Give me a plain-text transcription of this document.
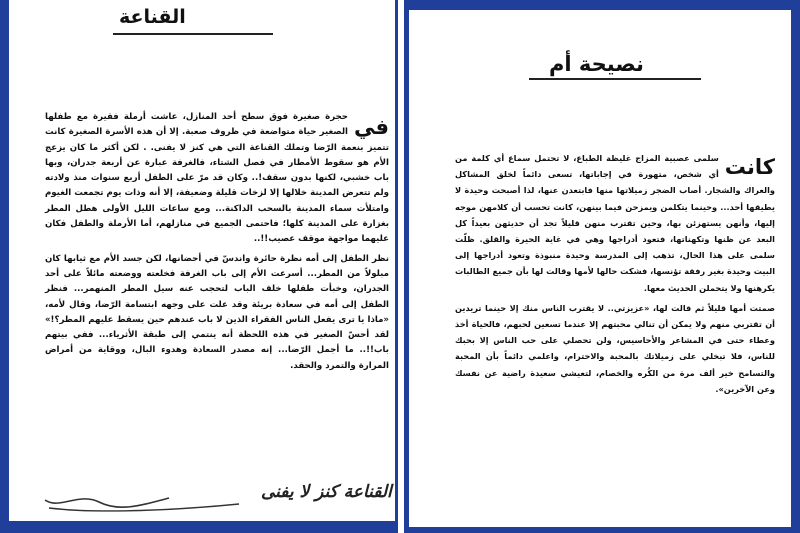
القناعة
في

حجرة صغيرة فوق سطح أحد المنازل، عاشت أرملة فقيرة مع طفلها الصغير حياة متواضعة في ظروف صعبة. إلا أن هذه الأسرة الصغيرة كانت تتميز بنعمة الرّضا وتملك القناعة التي هي كنز لا يفنى. . لكن أكثر ما كان يزعج الأم هو سقوط الأمطار في فصل الشتاء، فالغرفة عبارة عن أربعة جدران، وبها باب خشبي، لكنها بدون سقف!.. وكان قد مرّ على الطفل أربع سنوات منذ ولادته ولم تتعرض المدينة خلالها إلا لزخات قليلة وضعيفة، إلا أنه وذات يوم تجمعت الغيوم وامتلأت سماء المدينة بالسحب الداكنة... ومع ساعات الليل الأولى هطل المطر بغزارة على المدينة كلها؛ فاحتمى الجميع في منازلهم، أما الأرملة والطفل فكان عليهما مواجهة موقف عصيب!!..

نظر الطفل إلى أمه نظرة حائرة واندسّ في أحضانها، لكن جسد الأم مع ثيابها كان مبلولاً من المطر... أسرعت الأم إلى باب الغرفة فخلعته ووضعته مائلاً على أحد الجدران، وخبأت طفلها خلف الباب لتحجب عنه سيل المطر المنهمر... فنظر الطفل إلى أمه في سعادة بريئة وقد علت على وجهه ابتسامة الرّضا، وقال لأمه، «ماذا يا ترى يفعل الناس الفقراء الذين لا باب عندهم حين يسقط عليهم المطر؟!» لقد أحسّ الصغير في هذه اللحظة أنه ينتمي إلى طبقة الأثرياء... ففي بيتهم باب!!.. ما أجمل الرّضا... إنه مصدر السعادة وهدوء البال، ووقاية من أمراض المرارة والتمرد والحقد.

القناعة كنز لا يفنى
نصيحة أم
كانت

سلمى عصبية المزاج غليظة الطباع، لا تحتمل سماع أي كلمة من أي شخص، متهورة في إجاباتها، تسعى دائماً لخلق المشاكل والعراك والشجار. أصاب الضجر زميلاتها منها فابتعدن عنها، لذا أصبحت وحيدة لا يطيقها أحد... وحينما يتكلمن ويمزحن فيما بينهن، كانت تحسب أن كلامهن موجه إليها، وأنهن يستهزئن بها، وحين تقترب منهن قليلاً تجد أن حديثهن بعيداً كل البعد عن ظنها وتكهناتها، فتعود أدراجها وهي في غاية الحيرة والقلق. ظلّت سلمى على هذا الحال، تذهب إلى المدرسة وحيدة منبوذة وتعود أدراجها إلى البيت وحيدة بغير رفقة تؤنسها، فشكت حالها لأمها وقالت لها بأن جميع الطالبات يكرهنها ولا يتحملن الحديث معها.

صمتت أمها قليلاً ثم قالت لها، «عزيزتي.. لا يقترب الناس منك إلا حينما تريدين أن تقتربي منهم ولا يمكن أن تنالي محبتهم إلا عندما تسعين لحبهم، فالحياة أخذ وعطاء حتى في المشاعر والأحاسيس، ولن تحصلي على حب الناس إلا بحبك للناس، فلا تبخلي على زميلاتك بالمحبة والاحترام، واعلمي دائماً بأن المحبة والتسامح خير ألف مرة من الكُره والخصام، لتعيشي سعيدة راضية عن نفسك وعن الآخرين».
